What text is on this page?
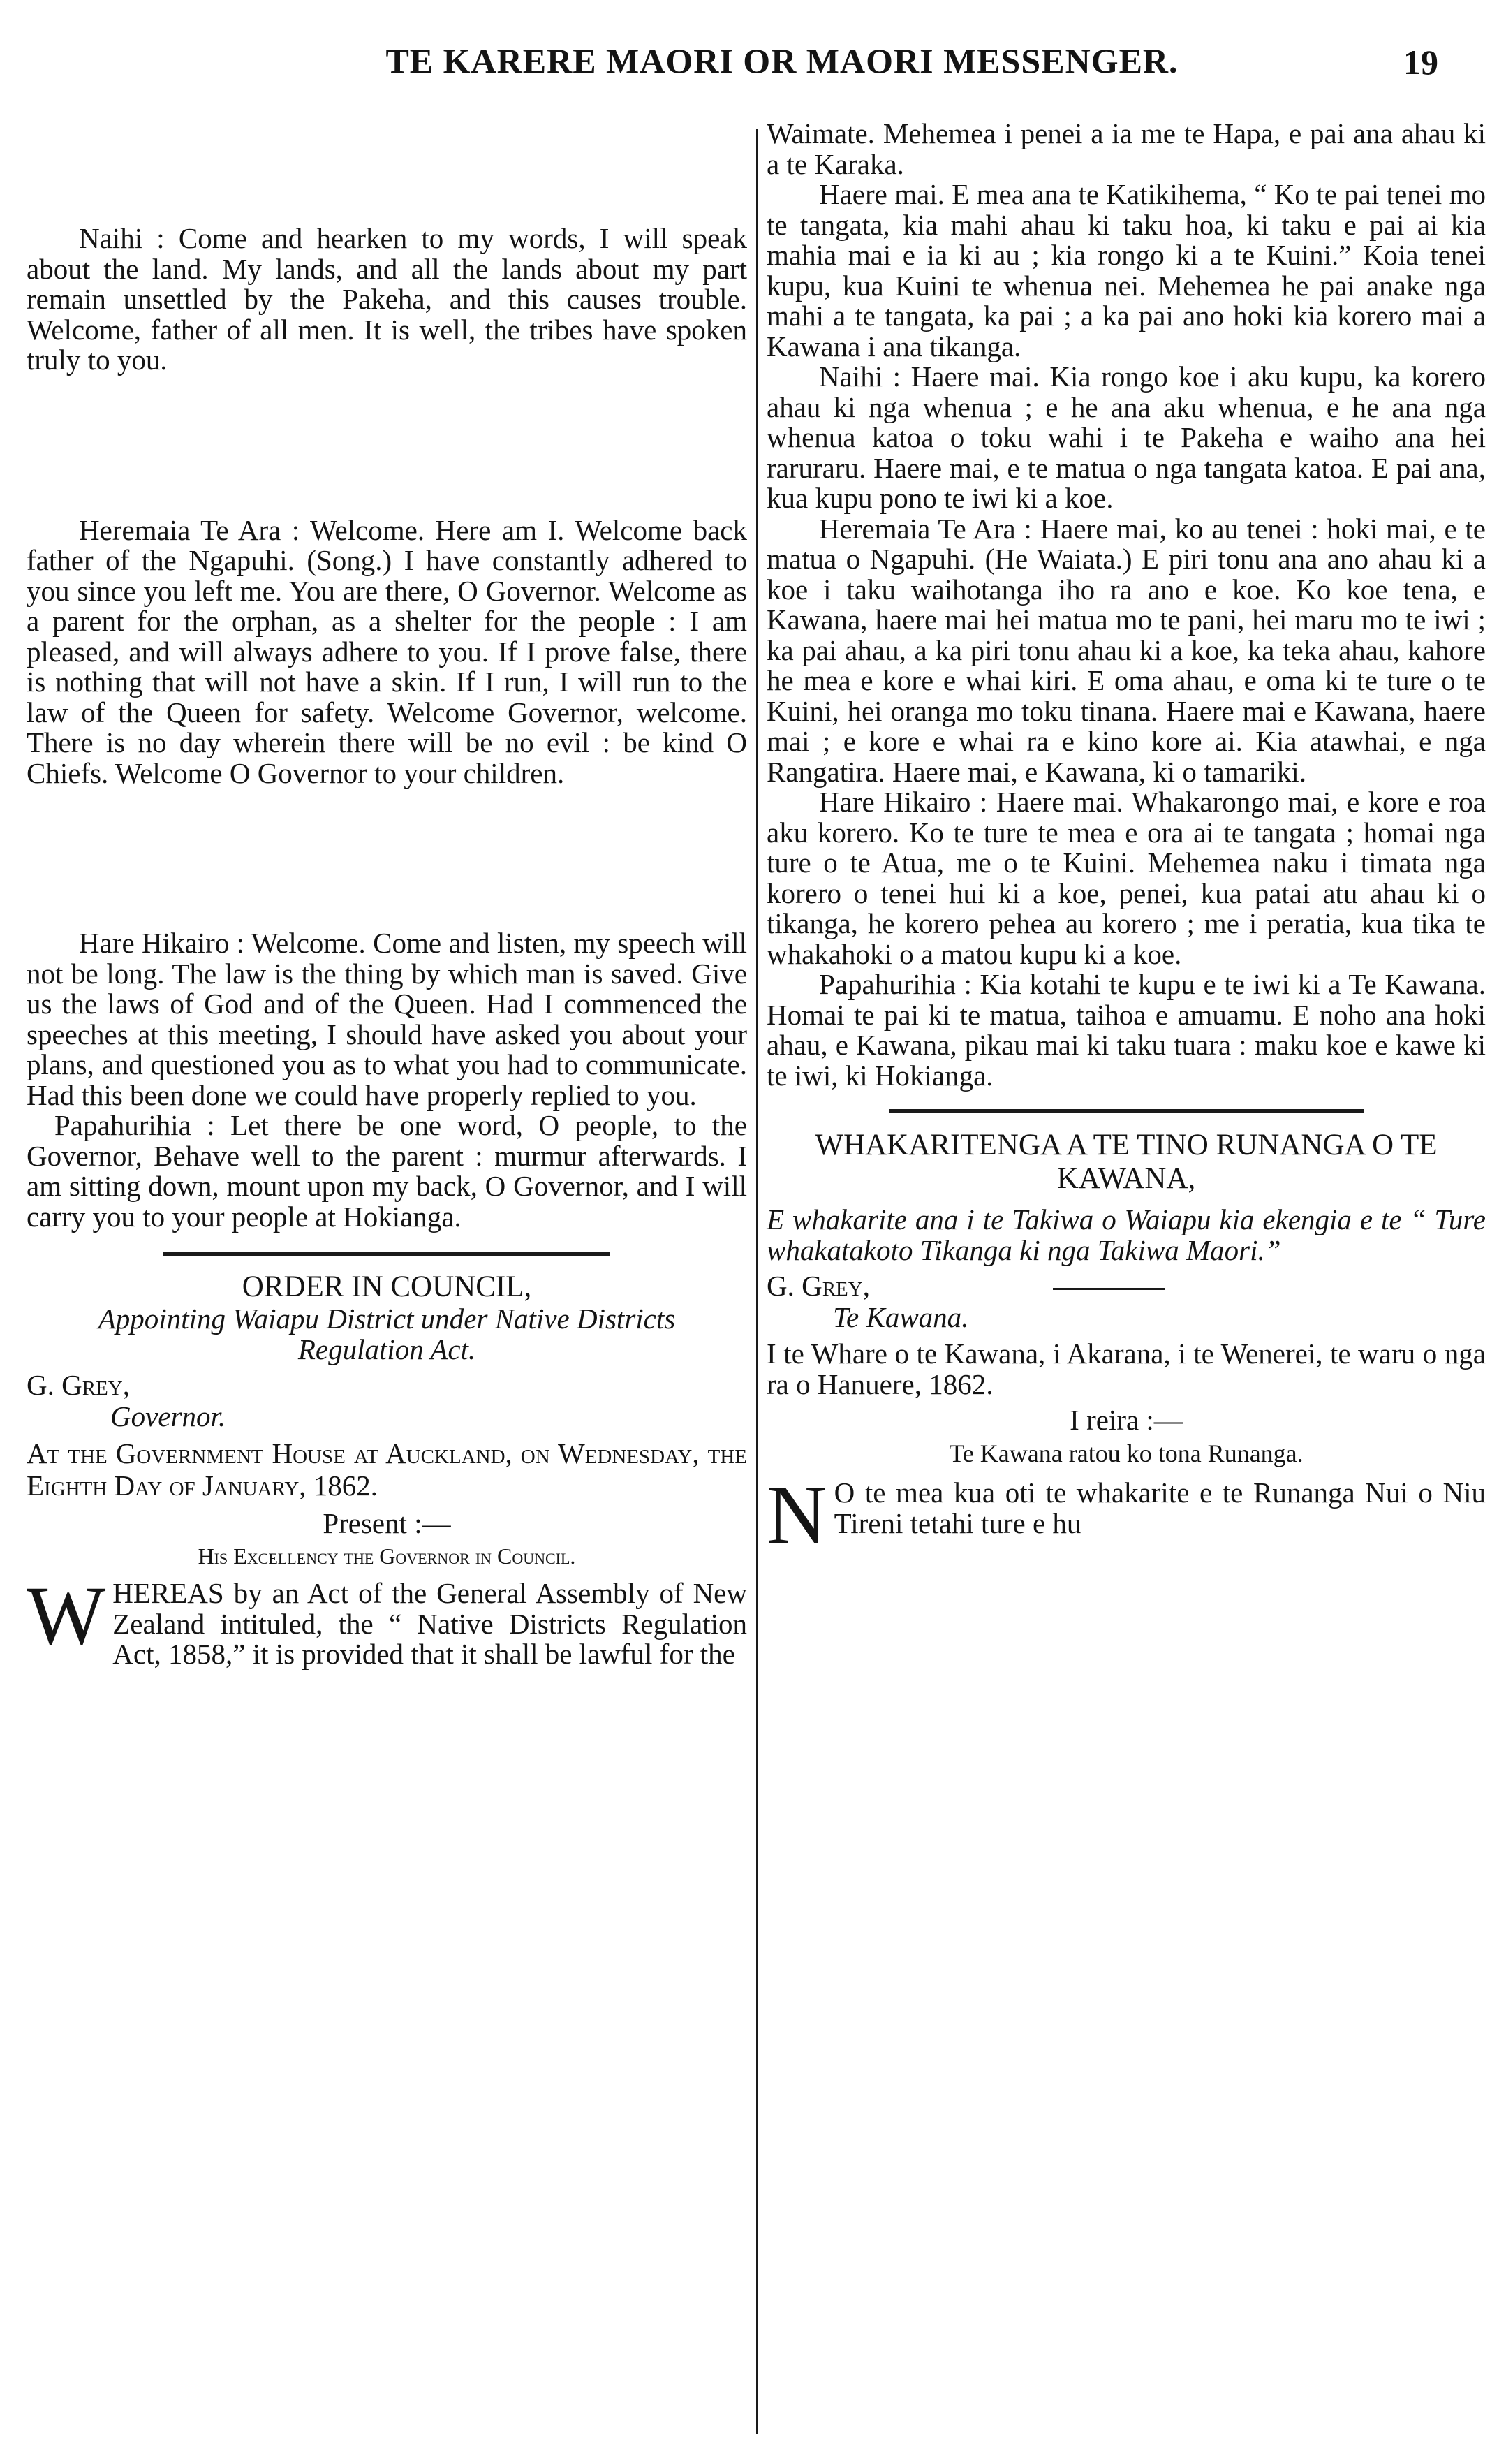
TE KARERE MAORI OR MAORI MESSENGER.	19

Naihi : Come and hearken to my words, I will speak about the land. My lands, and all the lands about my part remain unsettled by the Pakeha, and this causes trouble. Welcome, father of all men. It is well, the tribes have spoken truly to you.

Heremaia Te Ara : Welcome. Here am I. Welcome back father of the Ngapuhi. (Song.) I have constantly adhered to you since you left me. You are there, O Governor. Welcome as a parent for the orphan, as a shelter for the people : I am pleased, and will always adhere to you. If I prove false, there is nothing that will not have a skin. If I run, I will run to the law of the Queen for safety. Welcome Governor, welcome. There is no day wherein there will be no evil : be kind O Chiefs. Welcome O Governor to your children.

Hare Hikairo : Welcome. Come and listen, my speech will not be long. The law is the thing by which man is saved. Give us the laws of God and of the Queen. Had I commenced the speeches at this meeting, I should have asked you about your plans, and questioned you as to what you had to communicate. Had this been done we could have properly replied to you.

Papahurihia : Let there be one word, O people, to the Governor, Behave well to the parent : murmur afterwards. I am sitting down, mount upon my back, O Governor, and I will carry you to your people at Hokianga.

ORDER IN COUNCIL,
Appointing Waiapu District under Native Districts Regulation Act.
G. Grey,
Governor.
At the Government House at Auckland, on Wednesday, the Eighth Day of January, 1862.
Present :—
His Excellency the Governor in Council.
W HEREAS by an Act of the General Assembly of New Zealand intituled, the “ Native Districts Regulation Act, 1858,” it is provided that it shall be lawful for the

Waimate. Mehemea i penei a ia me te Hapa, e pai ana ahau ki a te Karaka.

Haere mai. E mea ana te Katikihema, “ Ko te pai tenei mo te tangata, kia mahi ahau ki taku hoa, ki taku e pai ai kia mahia mai e ia ki au ; kia rongo ki a te Kuini.” Koia tenei kupu, kua Kuini te whenua nei. Mehemea he pai anake nga mahi a te tangata, ka pai ; a ka pai ano hoki kia korero mai a Kawana i ana tikanga.

Naihi : Haere mai. Kia rongo koe i aku kupu, ka korero ahau ki nga whenua ; e he ana aku whenua, e he ana nga whenua katoa o toku wahi i te Pakeha e waiho ana hei raruraru. Haere mai, e te matua o nga tangata katoa. E pai ana, kua kupu pono te iwi ki a koe.

Heremaia Te Ara : Haere mai, ko au tenei : hoki mai, e te matua o Ngapuhi. (He Waiata.) E piri tonu ana ano ahau ki a koe i taku waihotanga iho ra ano e koe. Ko koe tena, e Kawana, haere mai hei matua mo te pani, hei maru mo te iwi ; ka pai ahau, a ka piri tonu ahau ki a koe, ka teka ahau, kahore he mea e kore e whai kiri. E oma ahau, e oma ki te ture o te Kuini, hei oranga mo toku tinana. Haere mai e Kawana, haere mai ; e kore e whai ra e kino kore ai. Kia atawhai, e nga Rangatira. Haere mai, e Kawana, ki o tamariki.

Hare Hikairo : Haere mai. Whakarongo mai, e kore e roa aku korero. Ko te ture te mea e ora ai te tangata ; homai nga ture o te Atua, me o te Kuini. Mehemea naku i timata nga korero o tenei hui ki a koe, penei, kua patai atu ahau ki o tikanga, he korero pehea au korero ; me i peratia, kua tika te whakahoki o a matou kupu ki a koe.

Papahurihia : Kia kotahi te kupu e te iwi ki a Te Kawana. Homai te pai ki te matua, taihoa e amuamu. E noho ana hoki ahau, e Kawana, pikau mai ki taku tuara : maku koe e kawe ki te iwi, ki Hokianga.

WHAKARITENGA A TE TINO RUNANGA O TE KAWANA,
E whakarite ana i te Takiwa o Waiapu kia ekengia e te “ Ture whakatakoto Tikanga ki nga Takiwa Maori.”
G. Grey,
Te Kawana.
I te Whare o te Kawana, i Akarana, i te Wenerei, te waru o nga ra o Hanuere, 1862.
I reira :—
Te Kawana ratou ko tona Runanga.
N O te mea kua oti te whakarite e te Runanga Nui o Niu Tireni tetahi ture e hu
